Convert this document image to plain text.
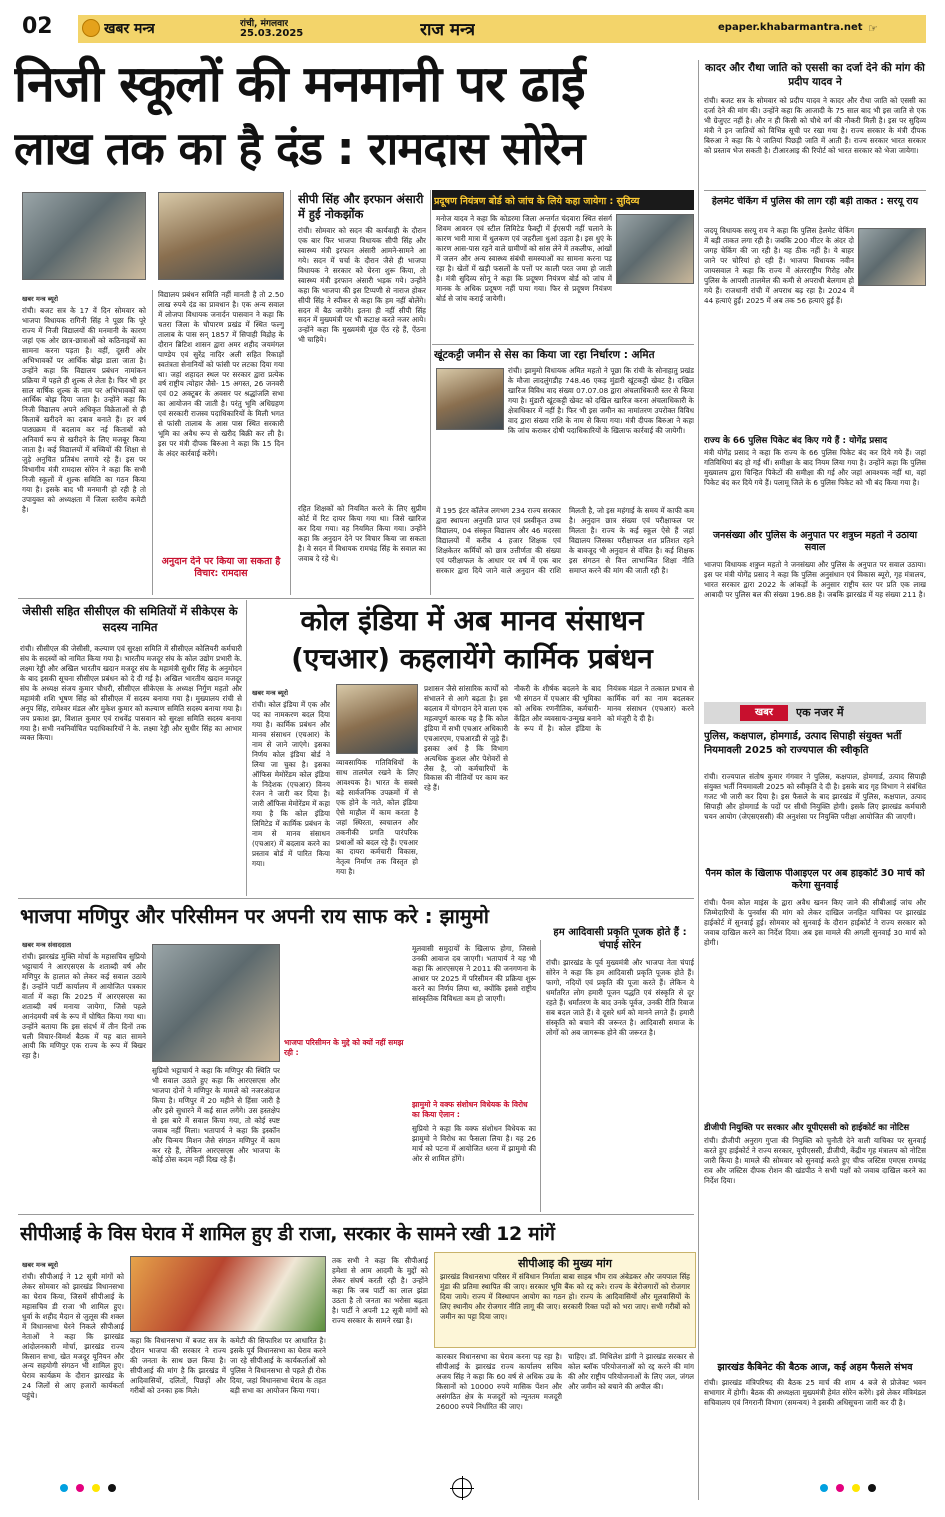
02	खबर मन्त्र	रांची, मंगलवार
25.03.2025	राज मन्त्र	epaper.khabarmantra.net ☞
निजी स्कूलों की मनमानी पर ढाई
लाख तक का है दंड : रामदास सोरेन
खबर मन्त्र ब्यूरो
रांची। बजट सत्र के 17 वें दिन सोमवार को भाजपा विधायक रागिनी सिंह ने पूछा कि पूरे राज्य में निजी विद्यालयों की मनमानी के कारण जहां एक ओर छात्र-छात्राओं को कठिनाइयों का सामना करना पड़ता है। वहीं, दूसरी ओर अभिभावकों पर आर्थिक बोझ डाला जाता है। उन्होंने कहा कि विद्यालय प्रबंधन नामांकन प्रक्रिया में पहले ही शुल्क ले लेता है। फिर भी हर साल वार्षिक शुल्क के नाम पर अभिभावकों का आर्थिक बोझ दिया जाता है। उन्होंने कहा कि निजी विद्यालय अपने अधिकृत विक्रेताओं से ही किताबें खरीदने का दबाव बनाते हैं। हर वर्ष पाठ्यक्रम में बदलाव कर नई किताबों को अनिवार्य रूप से खरीदने के लिए मजबूर किया जाता है। कई विद्यालयों में बच्चियों की शिक्षा से जुड़े अनुचित प्रतिबंध लगाये रहे हैं। इस पर विभागीय मंत्री रामदास सोरेन ने कहा कि सभी निजी स्कूलों में शुल्क समिति का गठन किया गया है। इसके बाद भी मनमानी हो रही है तो उपायुक्त को अध्यक्षता में जिला स्तरीय कमेटी है।
विद्यालय प्रबंधन समिति नहीं मानती है तो 2.50 लाख रुपये दंड का प्रावधान है। एक अन्य सवाल में लोजपा विधायक जनार्दन पासवान ने कहा कि चतरा जिला के चौपारण प्रखंड में स्थित फल्गु तालाब के पास सन् 1857 में सिपाही विद्रोह के दौरान ब्रिटिश शासन द्वारा अमर शहीद जयमंगल पाण्डेय एवं सुरेंद्र नादिर अली सहित रिकाड़ों स्वतंत्रता सेनानियों को फांसी पर लटका दिया गया था। जहां शहादत स्थल पर सरकार द्वारा प्रत्येक वर्ष राष्ट्रीय त्योहार जैसे- 15 अगस्त, 26 जनवरी एवं 02 अक्टूबर के अवसर पर श्रद्धांजलि सभा का आयोजन की जाती है। परंतु भूमि अधिग्रहण एवं सरकारी राजस्व पदाधिकारियों के मिली भगत से फांसी तालाब के आस पास स्थित सरकारी भूमि का अवैध रूप से खरीद बिक्री कर ली है। इस पर मंत्री दीपक बिरुआ ने कहा कि 15 दिन के अंदर कार्रवाई करेंगे।
अनुदान देने पर किया जा सकता है विचार: रामदास
सीपी सिंह और इरफान अंसारी में हुई नोकझोंक
रांची। सोमवार को सदन की कार्यवाही के दौरान एक बार फिर भाजपा विधायक सीपी सिंह और स्वास्थ्य मंत्री इरफान अंसारी आमने-सामने आ गये। सदन में चर्चा के दौरान जैसे ही भाजपा विधायक ने सरकार को घेरना शुरू किया, तो स्वास्थ्य मंत्री इरफान अंसारी भड़क गये। उन्होंने कहा कि भाजपा की इस टिप्पणी से नाराज होकर सीपी सिंह ने स्पीकर से कहा कि हम नहीं बोलेंगे। सदन में बैठ जायेंगे। इतना ही नहीं सीपी सिंह सदन में मुख्यमंत्री पर भी कटाक्ष करते नजर आये। उन्होंने कहा कि मुख्यमंत्री मूंछ ऐंठ रहे हैं, ऐंठना भी चाहिये।
रहित शिक्षकों को नियमित करने के लिए सुप्रीम कोर्ट में रिट दायर किया गया था। जिसे खारिज कर दिया गया। वह नियमित किया गया। उन्होंने कहा कि अनुदान देने पर विचार किया जा सकता है। वे सदन में विधायक रामचंद्र सिंह के सवाल का जवाब दे रहे थे।
प्रदूषण नियंत्रण बोर्ड को जांच के लिये कहा जायेगा : सुदिव्य
मनोज यादव ने कहा कि कोडरमा जिला अन्तर्गत चंदवारा स्थित संसर्ग शिवम आवरन एवं स्टील लिमिटेड फैक्ट्री में ईएसपी नहीं चलाने के कारण भारी मात्रा में धुलकण एवं जहरीला धुआं उड़ता है। इस धुएं के कारण आस-पास रहने वाले ग्रामीणों को सांस लेने में तकलीफ, आंखों में जलन और अन्य स्वास्थ्य संबंधी समस्याओं का सामना करना पड़ रहा है। खेतों में खड़ी फसलों के पत्तों पर काली परत जमा हो जाती है। मंत्री सुदिव्य सोनू ने कहा कि प्रदूषण नियंत्रण बोर्ड को जांच में मानक के अधिक प्रदूषण नहीं पाया गया। फिर से प्रदूषण नियंत्रण बोर्ड से जांच कराई जायेगी।
खूंटकट्टी जमीन से सेस का किया जा रहा निर्धारण : अमित
रांची। झामुमो विधायक अमित महतो ने पूछा कि रांची के सोनाहातु प्रखंड के मौजा लादलुंगडीह 748.46 एकड़ मुंडारी खूंटकट्टी खेवट है। दखिल खारिज विविध वाद संख्या 07.07.08 द्वारा अंचलाधिकारी स्तर से किया गया है। मुंडारी खूंटकट्टी खेवट को दखिल खारिज करना अंचलाधिकारी के क्षेत्राधिकार में नहीं है। फिर भी इस जमीन का नामांतरण उपरोक्त विविध वाद द्वारा संख्या राशि के नाम से किया गया। मंत्री दीपक बिरुआ ने कहा कि जांच कराकर दोषी पदाधिकारियों के खिलाफ कार्रवाई की जायेगी।
में 195 इंटर कॉलेज लगभग 234 राज्य सरकार द्वारा स्थापना अनुमति प्राप्त एवं प्रस्वीकृत उच्च विद्यालय, 04 संस्कृत विद्यालय और 46 मदरसा विद्यालयों में करीब 4 हजार शिक्षक एवं शिक्षकेतर कर्मियों को छात्र उत्तीर्णता की संख्या एवं परीक्षाफल के आधार पर वर्ष में एक बार सरकार द्वारा दिये जाने वाले अनुदान की राशि मिलती है, जो इस महंगाई के समय में काफी कम है। अनुदान छात्र संख्या एवं परीक्षाफल पर मिलता है। राज्य के कई स्कूल ऐसे हैं जहां विद्यालय जिसका परीक्षाफल शत प्रतिशत रहने के बावजूद भी अनुदान से वंचित है। कई शिक्षक इस संगठन से वित्त लाभान्वित शिक्षा नीति समाप्त करने की मांग की जाती रही है।
कादर और रौथा जाति को एससी का दर्जा देने की मांग की प्रदीप यादव ने
रांची। बजट सत्र के सोमवार को प्रदीप यादव ने कादर और रौथा जाति को एससी का दर्जा देने की मांग की। उन्होंने कहा कि आजादी के 75 साल बाद भी इस जाति से एक भी ग्रेजुएट नहीं है। और न ही किसी को चौथे वर्ग की नौकरी मिली है। इस पर सुदिव्य मंत्री ने इन जातियों को विभिन्न सूची पर रखा गया है। राज्य सरकार के मंत्री दीपक बिरुआ ने कहा कि ये जातियां पिछड़ी जाति में आती हैं। राज्य सरकार भारत सरकार को प्रस्ताव भेज सकती है। टीआरआइ की रिपोर्ट को भारत सरकार को भेजा जायेगा।
हेलमेट चेकिंग में पुलिस की लाग रही बड़ी ताकत : सरयू राय
जदयू विधायक सरयू राय ने कहा कि पुलिस हेलमेट चेकिंग में बड़ी ताकत लगा रही है। जबकि 200 मीटर के अंदर दो जगह चेकिंग की जा रही है। यह ठीक नहीं है। ये बाहर जाने पर चोरियां हो रही हैं। भाजपा विधायक नवीन जायसवाल ने कहा कि राज्य में अंतरराष्ट्रीय गिरोह और पुलिस के आपसी तालमेल की कमी से अपराधी बेलगाम हो गये हैं। राजधानी रांची में अपराध बढ़ रहा है। 2024 में 44 हत्याएं हुईं। 2025 में अब तक 56 हत्याएं हुई हैं।
राज्य के 66 पुलिस पिकेट बंद किए गये हैं : योगेंद्र प्रसाद
मंत्री योगेंद्र प्रसाद ने कहा कि राज्य के 66 पुलिस पिकेट बंद कर दिये गये हैं। जहां गतिविधियां बंद हो गई थीं। समीक्षा के बाद नियम लिया गया है। उन्होंने कहा कि पुलिस मुख्यालय द्वारा चिन्हित पिकेटों की समीक्षा की गई और जहां आवश्यक नहीं था, वहां पिकेट बंद कर दिये गये हैं। पलामू जिले के 6 पुलिस पिकेट को भी बंद किया गया है।
जनसंख्या और पुलिस के अनुपात पर शत्रुघ्न महतो ने उठाया सवाल
भाजपा विधायक शत्रुघ्न महतो ने जनसंख्या और पुलिस के अनुपात पर सवाल उठाया। इस पर मंत्री योगेंद्र प्रसाद ने कहा कि पुलिस अनुसंधान एवं विकास ब्यूरो, गृह मंत्रालय, भारत सरकार द्वारा 2022 के आंकड़ों के अनुसार राष्ट्रीय स्तर पर प्रति एक लाख आबादी पर पुलिस बल की संख्या 196.88 है। जबकि झारखंड में यह संख्या 211 है।
जेसीसी सहित सीसीएल की समितियों में सीकेएस के सदस्य नामित
रांची। सीसीएल की जेसीसी, कल्याण एवं सुरक्षा समिति में सीसीएल कोलियरी कर्मचारी संघ के सदस्यों को नामित किया गया है। भारतीय मजदूर संघ के कोल उद्योग प्रभारी के. लक्ष्मा रेड्डी और अखिल भारतीय खदान मजदूर संघ के महामंत्री सुधीर सिंह के अनुमोदन के बाद इसकी सूचना सीसीएल प्रबंधन को दे दी गई है। अखिल भारतीय खदान मजदूर संघ के अध्यक्ष संजय कुमार चौधरी, सीसीएल सीकेएस के अध्यक्ष निर्गुण महतो और महामंत्री शशि भूषण सिंह को सीसीएल में सदस्य बनाया गया है। मुख्यालय रांची से अनूप सिंह, रामेश्वर मंडल और मुकेश कुमार को कल्याण समिति सदस्य बनाया गया है। जय प्रकाश झा, विशाल कुमार एवं राधवेंद्र पासवान को सुरक्षा समिति सदस्य बनाया गया है। सभी नवनिर्वाचित पदाधिकारियों ने के. लक्ष्मा रेड्डी और सुधीर सिंह का आभार व्यक्त किया।
कोल इंडिया में अब मानव संसाधन
(एचआर) कहलायेंगे कार्मिक प्रबंधन
खबर मन्त्र ब्यूरो
रांची। कोल इंडिया में एक और पद का नामकरण बदल दिया गया है। कार्मिक प्रबंधन और मानव संसाधन (एचआर) के नाम से जाने जाएंगे। इसका निर्णय कोल इंडिया बोर्ड ने लिया जा चुका है। इसका ऑफिस मेमोरेंडम कोल इंडिया के निदेशक (एचआर) विनय रंजन ने जारी कर दिया है। जारी ऑफिस मेमोरेंडम में कहा गया है कि कोल इंडिया लिमिटेड में कार्मिक प्रबंधन के नाम से मानव संसाधन (एचआर) में बदलाव करने का प्रस्ताव बोर्ड में पारित किया गया।
व्यावसायिक गतिविधियों के साथ तालमेल रखने के लिए आवश्यक है। भारत के सबसे बड़े सार्वजनिक उपक्रमों में से एक होने के नाते, कोल इंडिया ऐसे माहौल में काम करता है जहां स्थिरता, स्वचालन और तकनीकी प्रगति पारंपरिक प्रथाओं को बदल रहे हैं। एचआर का दायरा कर्मचारी विकास, नेतृत्व निर्माण तक विस्तृत हो गया है।
प्रशासन जैसे सांसारिक कार्यों को संभालने से आगे बढ़ता है। इस बदलाव में योगदान देने वाला एक महत्वपूर्ण कारक यह है कि कोल इंडिया में सभी एचआर अधिकारी एचआरएम, एचआरडी से जुड़े हैं। इसका अर्थ है कि विभाग अत्यधिक कुशल और पेशेवरों से लैस है, जो कर्मचारियों के विकास की नीतियों पर काम कर रहे हैं।
नौकरी के शीर्षक बदलने के बाद भी संगठन में एचआर की भूमिका को अधिक रणनीतिक, कर्मचारी-केंद्रित और व्यवसाय-उन्मुख बनाने के रूप में है। कोल इंडिया के नियंत्रक मंडल ने तत्काल प्रभाव से कार्मिक वर्ग का नाम बदलकर मानव संसाधन (एचआर) करने को मंजूरी दे दी है।
भाजपा मणिपुर और परिसीमन पर अपनी राय साफ करे : झामुमो
खबर मन्त्र संवाददाता
रांची। झारखंड मुक्ति मोर्चा के महासचिव सुप्रियो भट्टाचार्य ने आरएसएस के शताब्दी वर्ष और मणिपुर के हालात को लेकर कई सवाल उठाये हैं। उन्होंने पार्टी कार्यालय में आयोजित पत्रकार वार्ता में कहा कि 2025 में आरएसएस का शताब्दी वर्ष मनाया जायेगा, जिसे पहले आनंदमयी वर्ष के रूप में घोषित किया गया था। उन्होंने बताया कि इस संदर्भ में तीन दिनों तक चली विचार-विमर्श बैठक में यह बात सामने आयी कि मणिपुर एक राज्य के रूप में बिखर रहा है।
सुप्रियो भट्टाचार्य ने कहा कि मणिपुर की स्थिति पर भी सवाल उठाते हुए कहा कि आरएसएस और भाजपा दोनों ने मणिपुर के मामले को नजरअंदाज किया है। मणिपुर में 20 महीने से हिंसा जारी है और इसे सुधारने में कई साल लगेंगे। उस हस्तक्षेप से इस बारे में सवाल किया गया, तो कोई स्पष्ट जवाब नहीं मिला। भतापार्य ने कहा कि इस्कॉन और चिन्मय मिशन जैसे संगठन मणिपुर में काम कर रहे हैं, लेकिन आरएसएस और भाजपा के कोई ठोस कदम नहीं दिख रहे हैं।
भाजपा परिसीमन के मुद्दे को क्यों नहीं समझ रही :
मूलवासी समुदायों के खिलाफ होगा, जिससे उनकी आवाज दब जाएगी। भतापार्य ने यह भी कहा कि आरएसएस ने 2011 की जनगणना के आधार पर 2025 में परिसीमन की प्रक्रिया शुरू करने का निर्णय लिया था, क्योंकि इससे राष्ट्रीय सांस्कृतिक विविधता कम हो जाएगी।
झामुमो ने वक्फ संशोधन विधेयक के विरोध का किया ऐलान :
सुप्रियो ने कहा कि वक्फ संशोधन विधेयक का झामुमो ने विरोध का फैसला लिया है। यह 26 मार्च को पटना में आयोजित धरना में झामुमो की ओर से शामिल होंगे।
हम आदिवासी प्रकृति पूजक होते हैं : चंपाई सोरेन
रांची। झारखंड के पूर्व मुख्यमंत्री और भाजपा नेता चंपाई सोरेन ने कहा कि हम आदिवासी प्रकृति पूजक होते हैं। फागो, नदियों एवं प्रकृति की पूजा करते हैं। लेकिन ये धर्मांतरित लोग हमारी पूजन पद्धति एवं संस्कृति से दूर रहते हैं। धर्मांतरण के बाद उनके पूर्वज, उनकी रीति रिवाज सब बदल जाते हैं। वे दूसरे धर्म को मानने लगते हैं। हमारी संस्कृति को बचाने की जरूरत है। आदिवासी समाज के लोगों को अब जागरूक होने की जरूरत है।
खबर	एक नजर में
पुलिस, कक्षपाल, होमगार्ड, उत्पाद सिपाही संयुक्त भर्ती नियमावली 2025 को राज्यपाल की स्वीकृति
रांची। राज्यपाल संतोष कुमार गंगवार ने पुलिस, कक्षपाल, होमगार्ड, उत्पाद सिपाही संयुक्त भर्ती नियमावली 2025 को स्वीकृति दे दी है। इसके बाद गृह विभाग ने संबंधित गजट भी जारी कर दिया है। इस फैसले के बाद झारखंड में पुलिस, कक्षपाल, उत्पाद सिपाही और होमगार्ड के पदों पर सीधी नियुक्ति होगी। इसके लिए झारखंड कर्मचारी चयन आयोग (जेएसएससी) की अनुशंसा पर नियुक्ति परीक्षा आयोजित की जाएगी।
पैनम कोल के खिलाफ पीआइएल पर अब हाइकोर्ट 30 मार्च को करेगा सुनवाई
रांची। पैनम कोल माइंस के द्वारा अवैध खनन किए जाने की सीबीआई जांच और जिम्मेदारियों के पुनर्वास की मांग को लेकर दाखिल जनहित याचिका पर झारखंड हाईकोर्ट में सुनवाई हुई। सोमवार को सुनवाई के दौरान हाईकोर्ट ने राज्य सरकार को जवाब दाखिल करने का निर्देश दिया। अब इस मामले की अगली सुनवाई 30 मार्च को होगी।
डीजीपी नियुक्ति पर सरकार और यूपीएससी को हाईकोर्ट का नोटिस
रांची। डीजीपी अनुराग गुप्ता की नियुक्ति को चुनौती देने वाली याचिका पर सुनवाई करते हुए हाईकोर्ट ने राज्य सरकार, यूपीएससी, डीजीपी, केंद्रीय गृह मंत्रालय को नोटिस जारी किया है। मामले की सोमवार को सुनवाई करते हुए चीफ जस्टिस एमएस रामचंद्र राव और जस्टिस दीपक रोशन की खंडपीठ ने सभी पक्षों को जवाब दाखिल करने का निर्देश दिया।
झारखंड कैबिनेट की बैठक आज, कई अहम फैसले संभव
रांची। झारखंड मंत्रिपरिषद की बैठक 25 मार्च की शाम 4 बजे से प्रोजेक्ट भवन सभागार में होगी। बैठक की अध्यक्षता मुख्यमंत्री हेमंत सोरेन करेंगे। इसे लेकर मंत्रिमंडल सचिवालय एवं निगरानी विभाग (समन्वय) ने इसकी अधिसूचना जारी कर दी है।
सीपीआई के विस घेराव में शामिल हुए डी राजा, सरकार के सामने रखी 12 मांगें
खबर मन्त्र ब्यूरो
रांची। सीपीआई ने 12 सूत्री मांगों को लेकर सोमवार को झारखंड विधानसभा का घेराव किया, जिसमें सीपीआई के महासचिव डी राजा भी शामिल हुए। धुर्वा के शहीद मैदान से जुलूस की शक्ल में विधानसभा घेरने निकले सीपीआई नेताओं ने कहा कि झारखंड आंदोलनकारी मोर्चा, झारखंड राज्य किसान सभा, खेत मजदूर यूनियन और अन्य सहयोगी संगठन भी शामिल हुए। घेराव कार्यक्रम के दौरान झारखंड के 24 जिलों से आए हजारों कार्यकर्ता पहुंचे।
कहा कि विधानसभा में बजट सत्र के दौरान भाजपा की सरकार ने राज्य की जनता के साथ छल किया है। सीपीआई की मांग है कि झारखंड में आदिवासियों, दलितों, पिछड़ों और गरीबों को उनका हक मिले।
कमेटी की सिफारिश पर आधारित है। इसके पूर्व विधानसभा का घेराव करने जा रहे सीपीआई के कार्यकर्ताओं को पुलिस ने विधानसभा से पहले ही रोक दिया, जहां विधानसभा घेराव के तहत बड़ी सभा का आयोजन किया गया।
तक सभी ने कहा कि सीपीआई हमेशा से आम आदमी के मुद्दों को लेकर संघर्ष करती रही है। उन्होंने कहा कि जब पार्टी का लाल झंडा उठता है तो जनता का भरोसा बढ़ता है। पार्टी ने अपनी 12 सूत्री मांगों को राज्य सरकार के सामने रखा है।
सीपीआइ की मुख्य मांग
झारखंड विधानसभा परिसर में संविधान निर्माता बाबा साहब भीम राव अंबेडकर और जयपाल सिंह मुंडा की प्रतिमा स्थापित की जाए। सरकार भूमि बैंक को रद्द करे। राज्य के बेरोजगारों को रोजगार दिया जाये। राज्य में विस्थापन आयोग का गठन हो। राज्य के आदिवासियों और मूलवासियों के लिए स्थानीय और रोजगार नीति लागू की जाए। सरकारी रिक्त पदों को भरा जाए। सभी गरीबों को जमीन का पट्टा दिया जाए।
कारकार विधानसभा का घेराव करना पड़ रहा है। सीपीआई के झारखंड राज्य कार्यालय सचिव अजय सिंह ने कहा कि 60 वर्ष से अधिक उम्र के किसानों को 10000 रुपये मासिक पेंशन और असंगठित क्षेत्र के मजदूरों को न्यूनतम मजदूरी 26000 रुपये निर्धारित की जाए।
चाहिए। डॉ. मिथिलेश डांगी ने झारखंड सरकार से कोल ब्लॉक परियोजनाओं को रद्द करने की मांग की और राष्ट्रीय परियोजनाओं के लिए जल, जंगल और जमीन को बचाने की अपील की।
